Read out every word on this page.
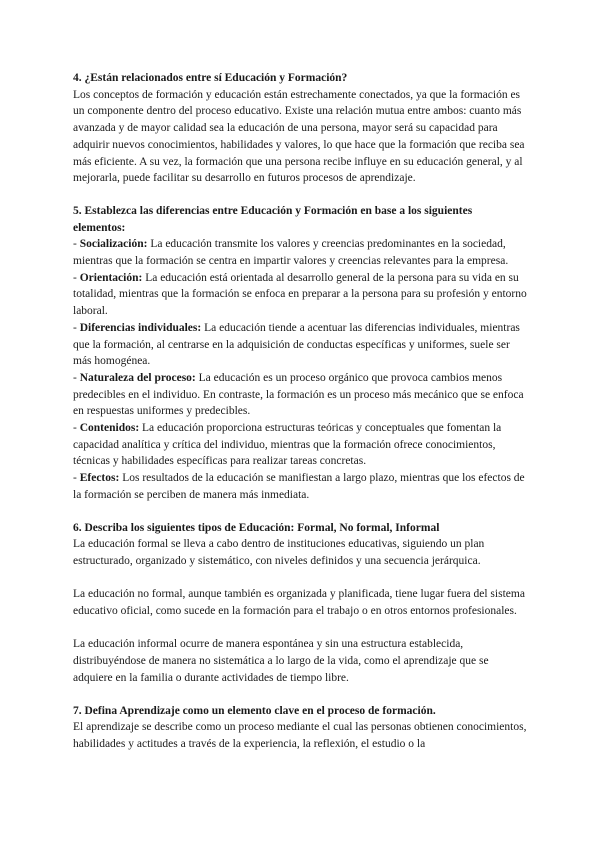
4. ¿Están relacionados entre sí Educación y Formación?

Los conceptos de formación y educación están estrechamente conectados, ya que la formación es un componente dentro del proceso educativo. Existe una relación mutua entre ambos: cuanto más avanzada y de mayor calidad sea la educación de una persona, mayor será su capacidad para adquirir nuevos conocimientos, habilidades y valores, lo que hace que la formación que reciba sea más eficiente. A su vez, la formación que una persona recibe influye en su educación general, y al mejorarla, puede facilitar su desarrollo en futuros procesos de aprendizaje.

5. Establezca las diferencias entre Educación y Formación en base a los siguientes elementos:

- Socialización: La educación transmite los valores y creencias predominantes en la sociedad, mientras que la formación se centra en impartir valores y creencias relevantes para la empresa.

- Orientación: La educación está orientada al desarrollo general de la persona para su vida en su totalidad, mientras que la formación se enfoca en preparar a la persona para su profesión y entorno laboral.

- Diferencias individuales: La educación tiende a acentuar las diferencias individuales, mientras que la formación, al centrarse en la adquisición de conductas específicas y uniformes, suele ser más homogénea.

- Naturaleza del proceso: La educación es un proceso orgánico que provoca cambios menos predecibles en el individuo. En contraste, la formación es un proceso más mecánico que se enfoca en respuestas uniformes y predecibles.

- Contenidos: La educación proporciona estructuras teóricas y conceptuales que fomentan la capacidad analítica y crítica del individuo, mientras que la formación ofrece conocimientos, técnicas y habilidades específicas para realizar tareas concretas.

- Efectos: Los resultados de la educación se manifiestan a largo plazo, mientras que los efectos de la formación se perciben de manera más inmediata.

6. Describa los siguientes tipos de Educación: Formal, No formal, Informal

La educación formal se lleva a cabo dentro de instituciones educativas, siguiendo un plan estructurado, organizado y sistemático, con niveles definidos y una secuencia jerárquica.

La educación no formal, aunque también es organizada y planificada, tiene lugar fuera del sistema educativo oficial, como sucede en la formación para el trabajo o en otros entornos profesionales.

La educación informal ocurre de manera espontánea y sin una estructura establecida, distribuyéndose de manera no sistemática a lo largo de la vida, como el aprendizaje que se adquiere en la familia o durante actividades de tiempo libre.

7. Defina Aprendizaje como un elemento clave en el proceso de formación.

El aprendizaje se describe como un proceso mediante el cual las personas obtienen conocimientos, habilidades y actitudes a través de la experiencia, la reflexión, el estudio o la
